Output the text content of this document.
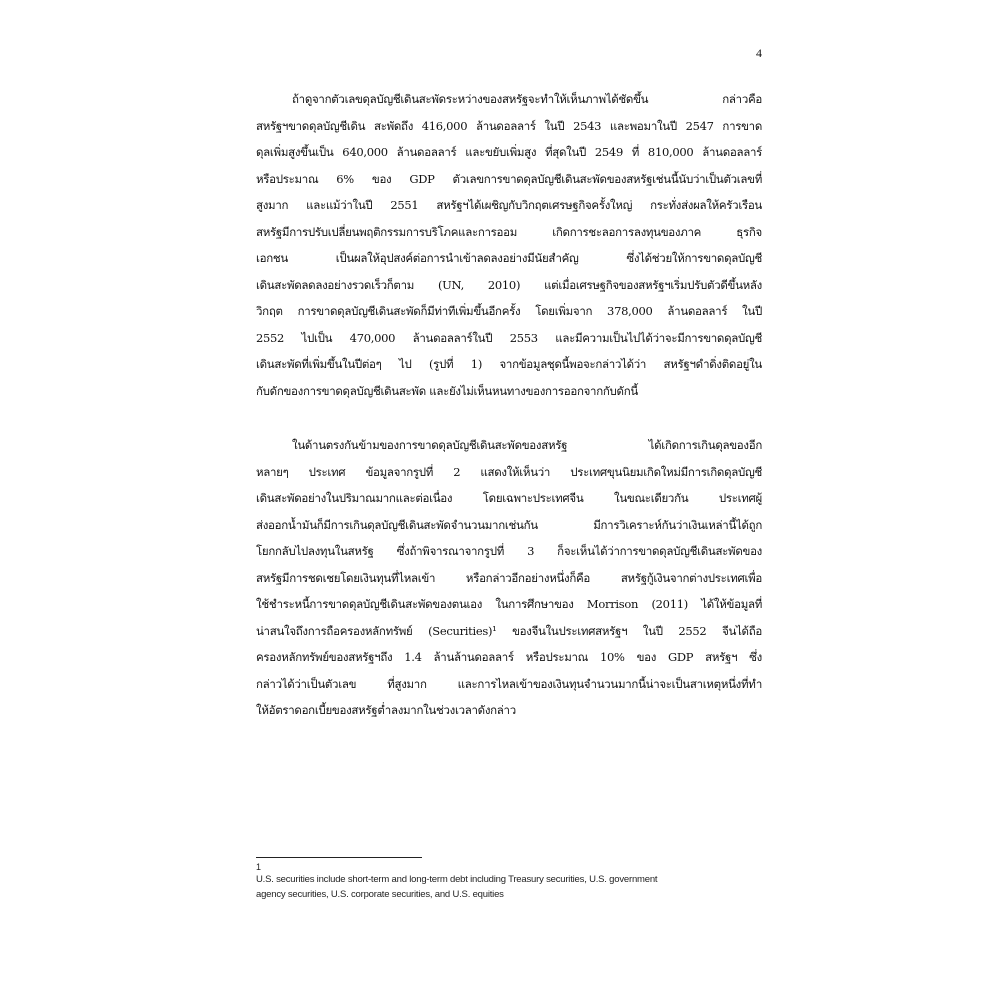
4
ถ้าดูจากตัวเลขดุลบัญชีเดินสะพัดระหว่างของสหรัฐจะทำให้เห็นภาพได้ชัดขึ้น กล่าวคือ
สหรัฐฯขาดดุลบัญชีเดิน สะพัดถึง 416,000 ล้านดอลลาร์ ในปี 2543 และพอมาในปี 2547 การขาด
ดุลเพิ่มสูงขึ้นเป็น 640,000 ล้านดอลลาร์ และขยับเพิ่มสูง ที่สุดในปี 2549 ที่ 810,000 ล้านดอลลาร์
หรือประมาณ 6% ของ GDP ตัวเลขการขาดดุลบัญชีเดินสะพัดของสหรัฐเช่นนี้นับว่าเป็นตัวเลขที่
สูงมาก และแม้ว่าในปี 2551 สหรัฐฯได้เผชิญกับวิกฤตเศรษฐกิจครั้งใหญ่ กระทั่งส่งผลให้ครัวเรือน
สหรัฐมีการปรับเปลี่ยนพฤติกรรมการบริโภคและการออม เกิดการชะลอการลงทุนของภาค ธุรกิจ
เอกชน เป็นผลให้อุปสงค์ต่อการนำเข้าลดลงอย่างมีนัยสำคัญ ซึ่งได้ช่วยให้การขาดดุลบัญชี
เดินสะพัดลดลงอย่างรวดเร็วก็ตาม (UN, 2010) แต่เมื่อเศรษฐกิจของสหรัฐฯเริ่มปรับตัวดีขึ้นหลัง
วิกฤต การขาดดุลบัญชีเดินสะพัดก็มีท่าทีเพิ่มขึ้นอีกครั้ง โดยเพิ่มจาก 378,000 ล้านดอลลาร์ ในปี
2552 ไปเป็น 470,000 ล้านดอลลาร์ในปี 2553 และมีความเป็นไปได้ว่าจะมีการขาดดุลบัญชี
เดินสะพัดที่เพิ่มขึ้นในปีต่อๆ ไป (รูปที่ 1) จากข้อมูลชุดนี้พอจะกล่าวได้ว่า สหรัฐฯดำดิ่งติดอยู่ใน
กับดักของการขาดดุลบัญชีเดินสะพัด และยังไม่เห็นหนทางของการออกจากกับดักนี้
ในด้านตรงกันข้ามของการขาดดุลบัญชีเดินสะพัดของสหรัฐ ได้เกิดการเกินดุลของอีก
หลายๆ ประเทศ ข้อมูลจากรูปที่ 2 แสดงให้เห็นว่า ประเทศขุนนิยมเกิดใหม่มีการเกิดดุลบัญชี
เดินสะพัดอย่างในปริมาณมากและต่อเนื่อง โดยเฉพาะประเทศจีน ในขณะเดียวกัน ประเทศผู้
ส่งออกน้ำมันก็มีการเกินดุลบัญชีเดินสะพัดจำนวนมากเช่นกัน มีการวิเคราะห์กันว่าเงินเหล่านี้ได้ถูก
โยกกลับไปลงทุนในสหรัฐ ซึ่งถ้าพิจารณาจากรูปที่ 3 ก็จะเห็นได้ว่าการขาดดุลบัญชีเดินสะพัดของ
สหรัฐมีการชดเชยโดยเงินทุนที่ไหลเข้า หรือกล่าวอีกอย่างหนึ่งก็คือ สหรัฐกู้เงินจากต่างประเทศเพื่อ
ใช้ชำระหนี้การขาดดุลบัญชีเดินสะพัดของตนเอง ในการศึกษาของ Morrison (2011) ได้ให้ข้อมูลที่
น่าสนใจถึงการถือครองหลักทรัพย์ (Securities)¹ ของจีนในประเทศสหรัฐฯ ในปี 2552 จีนได้ถือ
ครองหลักทรัพย์ของสหรัฐฯถึง 1.4 ล้านล้านดอลลาร์ หรือประมาณ 10% ของ GDP สหรัฐฯ ซึ่ง
กล่าวได้ว่าเป็นตัวเลข ที่สูงมาก และการไหลเข้าของเงินทุนจำนวนมากนี้น่าจะเป็นสาเหตุหนึ่งที่ทำ
ให้อัตราดอกเบี้ยของสหรัฐต่ำลงมากในช่วงเวลาดังกล่าว
1
U.S. securities include short-term and long-term debt including Treasury securities, U.S. government
agency securities, U.S. corporate securities, and U.S. equities
